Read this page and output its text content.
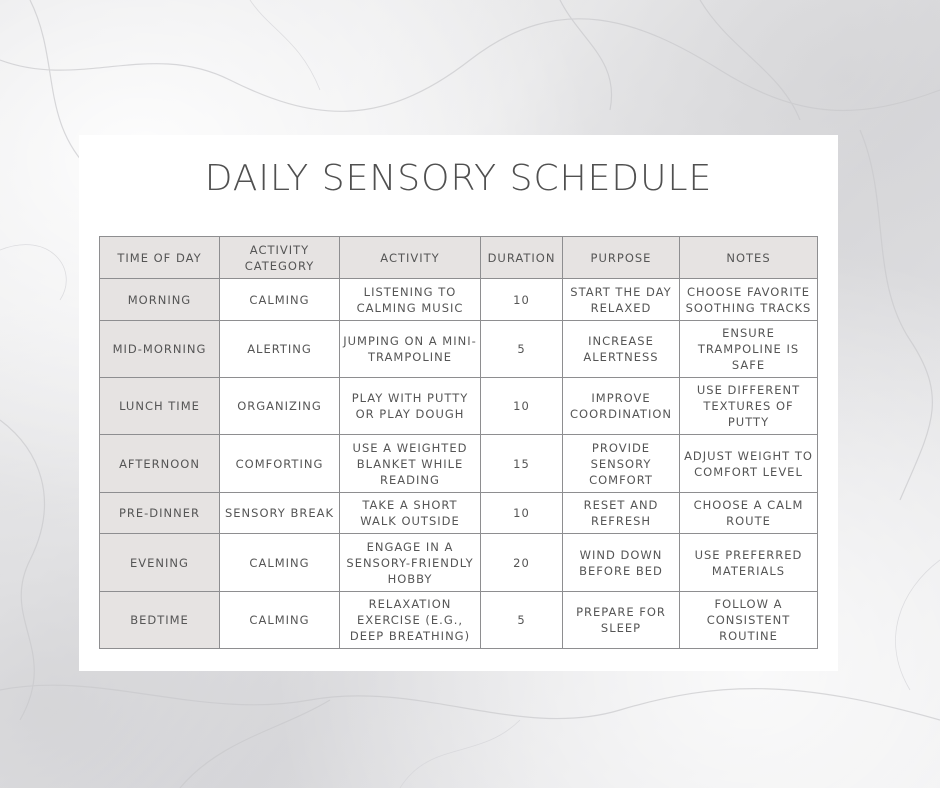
DAILY SENSORY SCHEDULE
TIME OF DAY	ACTIVITY CATEGORY	ACTIVITY	DURATION	PURPOSE	NOTES
MORNING	CALMING	LISTENING TO CALMING MUSIC	10	START THE DAY RELAXED	CHOOSE FAVORITE SOOTHING TRACKS
MID-MORNING	ALERTING	JUMPING ON A MINI-TRAMPOLINE	5	INCREASE ALERTNESS	ENSURE TRAMPOLINE IS SAFE
LUNCH TIME	ORGANIZING	PLAY WITH PUTTY OR PLAY DOUGH	10	IMPROVE COORDINATION	USE DIFFERENT TEXTURES OF PUTTY
AFTERNOON	COMFORTING	USE A WEIGHTED BLANKET WHILE READING	15	PROVIDE SENSORY COMFORT	ADJUST WEIGHT TO COMFORT LEVEL
PRE-DINNER	SENSORY BREAK	TAKE A SHORT WALK OUTSIDE	10	RESET AND REFRESH	CHOOSE A CALM ROUTE
EVENING	CALMING	ENGAGE IN A SENSORY-FRIENDLY HOBBY	20	WIND DOWN BEFORE BED	USE PREFERRED MATERIALS
BEDTIME	CALMING	RELAXATION EXERCISE (E.G., DEEP BREATHING)	5	PREPARE FOR SLEEP	FOLLOW A CONSISTENT ROUTINE
